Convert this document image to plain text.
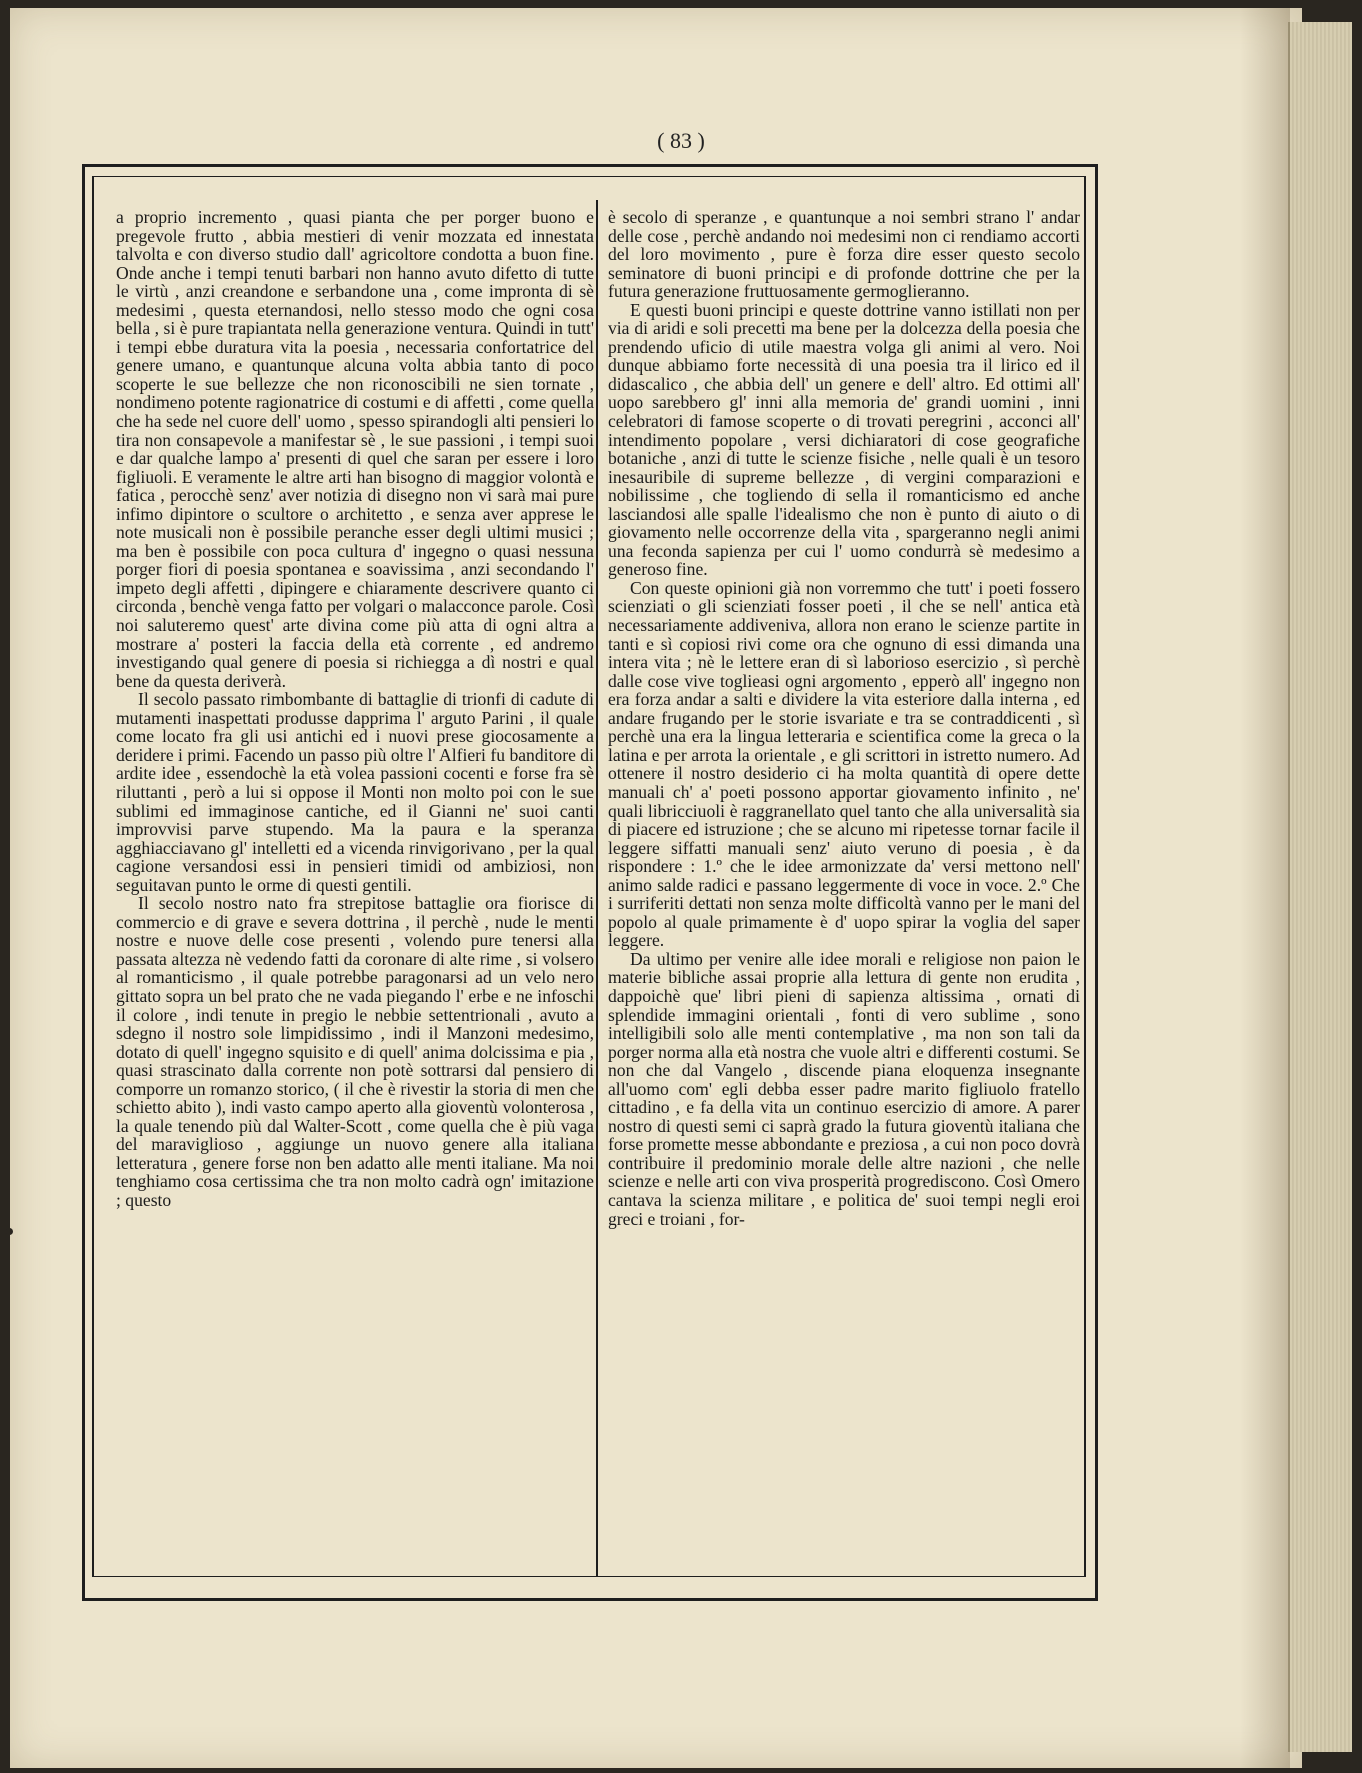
( 83 )

a proprio incremento , quasi pianta che per porger buono e pregevole frutto , abbia mestieri di venir mozzata ed innestata talvolta e con diverso studio dall' agricoltore condotta a buon fine. Onde anche i tempi tenuti barbari non hanno avuto difetto di tutte le virtù , anzi creandone e serbandone una , come impronta di sè medesimi , questa eternandosi, nello stesso modo che ogni cosa bella , si è pure trapiantata nella generazione ventura. Quindi in tutt' i tempi ebbe duratura vita la poesia , necessaria confortatrice del genere umano, e quantunque alcuna volta abbia tanto di poco scoperte le sue bellezze che non riconoscibili ne sien tornate , nondimeno potente ragionatrice di costumi e di affetti , come quella che ha sede nel cuore dell' uomo , spesso spirandogli alti pensieri lo tira non consapevole a manifestar sè , le sue passioni , i tempi suoi e dar qualche lampo a' presenti di quel che saran per essere i loro figliuoli. E veramente le altre arti han bisogno di maggior volontà e fatica , perocchè senz' aver notizia di disegno non vi sarà mai pure infimo dipintore o scultore o architetto , e senza aver apprese le note musicali non è possibile peranche esser degli ultimi musici ; ma ben è possibile con poca cultura d' ingegno o quasi nessuna porger fiori di poesia spontanea e soavissima , anzi secondando l' impeto degli affetti , dipingere e chiaramente descrivere quanto ci circonda , benchè venga fatto per volgari o malacconce parole. Così noi saluteremo quest' arte divina come più atta di ogni altra a mostrare a' posteri la faccia della età corrente , ed andremo investigando qual genere di poesia si richiegga a dì nostri e qual bene da questa deriverà.

Il secolo passato rimbombante di battaglie di trionfi di cadute di mutamenti inaspettati produsse dapprima l' arguto Parini , il quale come locato fra gli usi antichi ed i nuovi prese giocosamente a deridere i primi. Facendo un passo più oltre l' Alfieri fu banditore di ardite idee , essendochè la età volea passioni cocenti e forse fra sè riluttanti , però a lui si oppose il Monti non molto poi con le sue sublimi ed immaginose cantiche, ed il Gianni ne' suoi canti improvvisi parve stupendo. Ma la paura e la speranza agghiacciavano gl' intelletti ed a vicenda rinvigorivano , per la qual cagione versandosi essi in pensieri timidi od ambiziosi, non seguitavan punto le orme di questi gentili.

Il secolo nostro nato fra strepitose battaglie ora fiorisce di commercio e di grave e severa dottrina , il perchè , nude le menti nostre e nuove delle cose presenti , volendo pure tenersi alla passata altezza nè vedendo fatti da coronare di alte rime , si volsero al romanticismo , il quale potrebbe paragonarsi ad un velo nero gittato sopra un bel prato che ne vada piegando l' erbe e ne infoschi il colore , indi tenute in pregio le nebbie settentrionali , avuto a sdegno il nostro sole limpidissimo , indi il Manzoni medesimo, dotato di quell' ingegno squisito e di quell' anima dolcissima e pia , quasi strascinato dalla corrente non potè sottrarsi dal pensiero di comporre un romanzo storico, ( il che è rivestir la storia di men che schietto abito ), indi vasto campo aperto alla gioventù volonterosa , la quale tenendo più dal Walter-Scott , come quella che è più vaga del maraviglioso , aggiunge un nuovo genere alla italiana letteratura , genere forse non ben adatto alle menti italiane. Ma noi tenghiamo cosa certissima che tra non molto cadrà ogn' imitazione ; questo

è secolo di speranze , e quantunque a noi sembri strano l' andar delle cose , perchè andando noi medesimi non ci rendiamo accorti del loro movimento , pure è forza dire esser questo secolo seminatore di buoni principi e di profonde dottrine che per la futura generazione fruttuosamente germoglieranno.

E questi buoni principi e queste dottrine vanno istillati non per via di aridi e soli precetti ma bene per la dolcezza della poesia che prendendo uficio di utile maestra volga gli animi al vero. Noi dunque abbiamo forte necessità di una poesia tra il lirico ed il didascalico , che abbia dell' un genere e dell' altro. Ed ottimi all' uopo sarebbero gl' inni alla memoria de' grandi uomini , inni celebratori di famose scoperte o di trovati peregrini , acconci all' intendimento popolare , versi dichiaratori di cose geografiche botaniche , anzi di tutte le scienze fisiche , nelle quali è un tesoro inesauribile di supreme bellezze , di vergini comparazioni e nobilissime , che togliendo di sella il romanticismo ed anche lasciandosi alle spalle l'idealismo che non è punto di aiuto o di giovamento nelle occorrenze della vita , spargeranno negli animi una feconda sapienza per cui l' uomo condurrà sè medesimo a generoso fine.

Con queste opinioni già non vorremmo che tutt' i poeti fossero scienziati o gli scienziati fosser poeti , il che se nell' antica età necessariamente addiveniva, allora non erano le scienze partite in tanti e sì copiosi rivi come ora che ognuno di essi dimanda una intera vita ; nè le lettere eran di sì laborioso esercizio , sì perchè dalle cose vive toglieasi ogni argomento , epperò all' ingegno non era forza andar a salti e dividere la vita esteriore dalla interna , ed andare frugando per le storie isvariate e tra se contraddicenti , sì perchè una era la lingua letteraria e scientifica come la greca o la latina e per arrota la orientale , e gli scrittori in istretto numero. Ad ottenere il nostro desiderio ci ha molta quantità di opere dette manuali ch' a' poeti possono apportar giovamento infinito , ne' quali libricciuoli è raggranellato quel tanto che alla universalità sia di piacere ed istruzione ; che se alcuno mi ripetesse tornar facile il leggere siffatti manuali senz' aiuto veruno di poesia , è da rispondere : 1.º che le idee armonizzate da' versi mettono nell' animo salde radici e passano leggermente di voce in voce. 2.º Che i surriferiti dettati non senza molte difficoltà vanno per le mani del popolo al quale primamente è d' uopo spirar la voglia del saper leggere.

Da ultimo per venire alle idee morali e religiose non paion le materie bibliche assai proprie alla lettura di gente non erudita , dappoichè que' libri pieni di sapienza altissima , ornati di splendide immagini orientali , fonti di vero sublime , sono intelligibili solo alle menti contemplative , ma non son tali da porger norma alla età nostra che vuole altri e differenti costumi. Se non che dal Vangelo , discende piana eloquenza insegnante all'uomo com' egli debba esser padre marito figliuolo fratello cittadino , e fa della vita un continuo esercizio di amore. A parer nostro di questi semi ci saprà grado la futura gioventù italiana che forse promette messe abbondante e preziosa , a cui non poco dovrà contribuire il predominio morale delle altre nazioni , che nelle scienze e nelle arti con viva prosperità progrediscono. Così Omero cantava la scienza militare , e politica de' suoi tempi negli eroi greci e troiani , for-
